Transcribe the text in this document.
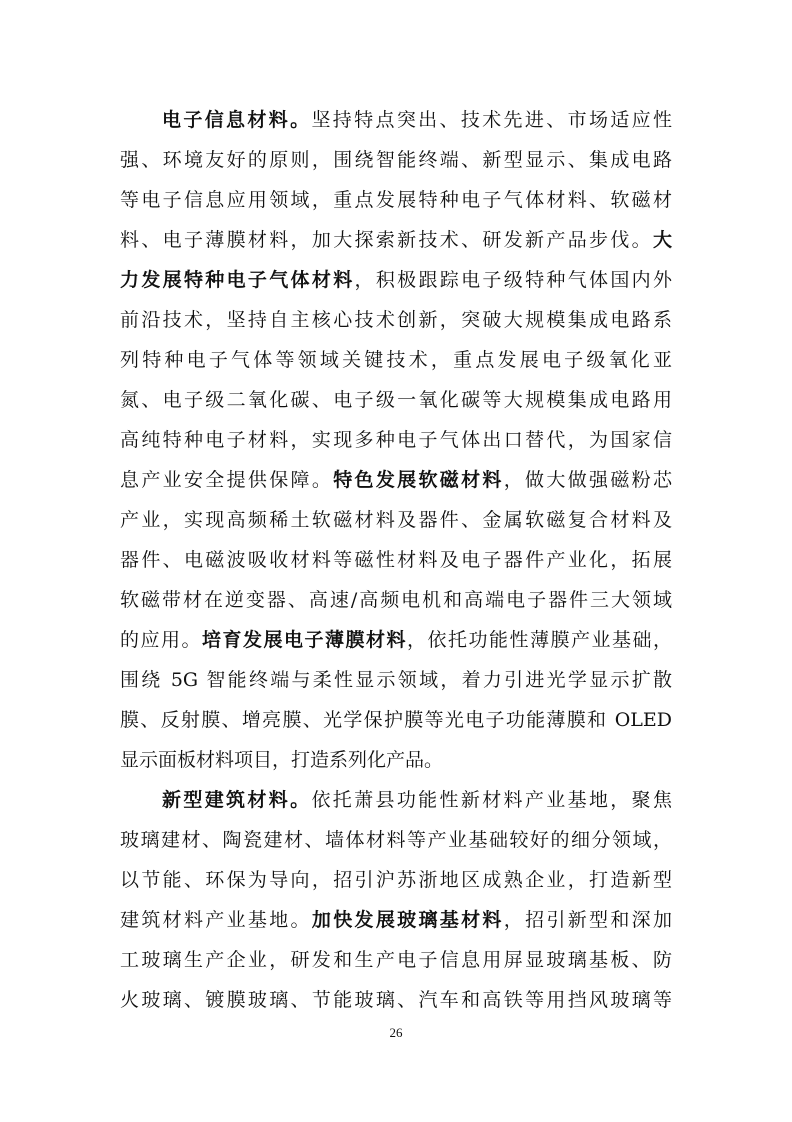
电子信息材料。坚持特点突出、技术先进、市场适应性
强、环境友好的原则，围绕智能终端、新型显示、集成电路
等电子信息应用领域，重点发展特种电子气体材料、软磁材
料、电子薄膜材料，加大探索新技术、研发新产品步伐。大
力发展特种电子气体材料，积极跟踪电子级特种气体国内外
前沿技术，坚持自主核心技术创新，突破大规模集成电路系
列特种电子气体等领域关键技术，重点发展电子级氧化亚
氮、电子级二氧化碳、电子级一氧化碳等大规模集成电路用
高纯特种电子材料，实现多种电子气体出口替代，为国家信
息产业安全提供保障。特色发展软磁材料，做大做强磁粉芯
产业，实现高频稀土软磁材料及器件、金属软磁复合材料及
器件、电磁波吸收材料等磁性材料及电子器件产业化，拓展
软磁带材在逆变器、高速/高频电机和高端电子器件三大领域
的应用。培育发展电子薄膜材料，依托功能性薄膜产业基础，
围绕 5G 智能终端与柔性显示领域，着力引进光学显示扩散
膜、反射膜、增亮膜、光学保护膜等光电子功能薄膜和 OLED
显示面板材料项目，打造系列化产品。
新型建筑材料。依托萧县功能性新材料产业基地，聚焦
玻璃建材、陶瓷建材、墙体材料等产业基础较好的细分领域，
以节能、环保为导向，招引沪苏浙地区成熟企业，打造新型
建筑材料产业基地。加快发展玻璃基材料，招引新型和深加
工玻璃生产企业，研发和生产电子信息用屏显玻璃基板、防
火玻璃、镀膜玻璃、节能玻璃、汽车和高铁等用挡风玻璃等
26
